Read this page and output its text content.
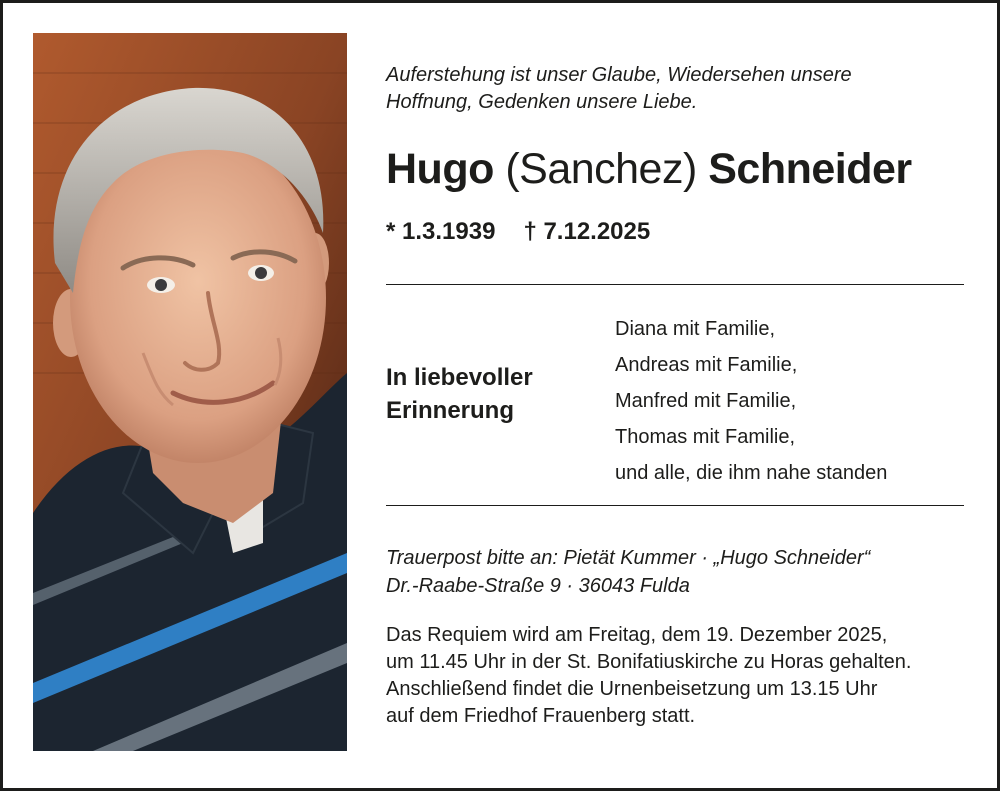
Auferstehung ist unser Glaube, Wiedersehen unsere
Hoffnung, Gedenken unsere Liebe.
Hugo (Sanchez) Schneider
* 1.3.1939 † 7.12.2025
In liebevoller
Erinnerung
Diana mit Familie,
Andreas mit Familie,
Manfred mit Familie,
Thomas mit Familie,
und alle, die ihm nahe standen
Trauerpost bitte an: Pietät Kummer · „Hugo Schneider“
Dr.-Raabe-Straße 9 · 36043 Fulda
Das Requiem wird am Freitag, dem 19. Dezember 2025,
um 11.45 Uhr in der St. Bonifatiuskirche zu Horas gehalten.
Anschließend findet die Urnenbeisetzung um 13.15 Uhr
auf dem Friedhof Frauenberg statt.
